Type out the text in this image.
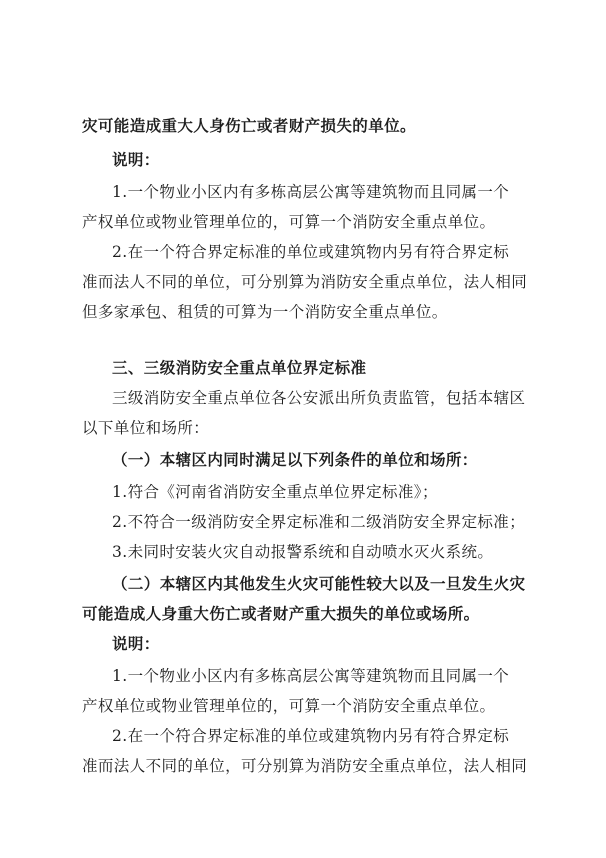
灾可能造成重大人身伤亡或者财产损失的单位。
说明：
1.一个物业小区内有多栋高层公寓等建筑物而且同属一个
产权单位或物业管理单位的，可算一个消防安全重点单位。
2.在一个符合界定标准的单位或建筑物内另有符合界定标
准而法人不同的单位，可分别算为消防安全重点单位，法人相同
但多家承包、租赁的可算为一个消防安全重点单位。
三、三级消防安全重点单位界定标准
三级消防安全重点单位各公安派出所负责监管，包括本辖区
以下单位和场所：
（一）本辖区内同时满足以下列条件的单位和场所：
1.符合《河南省消防安全重点单位界定标准》；
2.不符合一级消防安全界定标准和二级消防安全界定标准；
3.未同时安装火灾自动报警系统和自动喷水灭火系统。
（二）本辖区内其他发生火灾可能性较大以及一旦发生火灾
可能造成人身重大伤亡或者财产重大损失的单位或场所。
说明：
1.一个物业小区内有多栋高层公寓等建筑物而且同属一个
产权单位或物业管理单位的，可算一个消防安全重点单位。
2.在一个符合界定标准的单位或建筑物内另有符合界定标
准而法人不同的单位，可分别算为消防安全重点单位，法人相同
